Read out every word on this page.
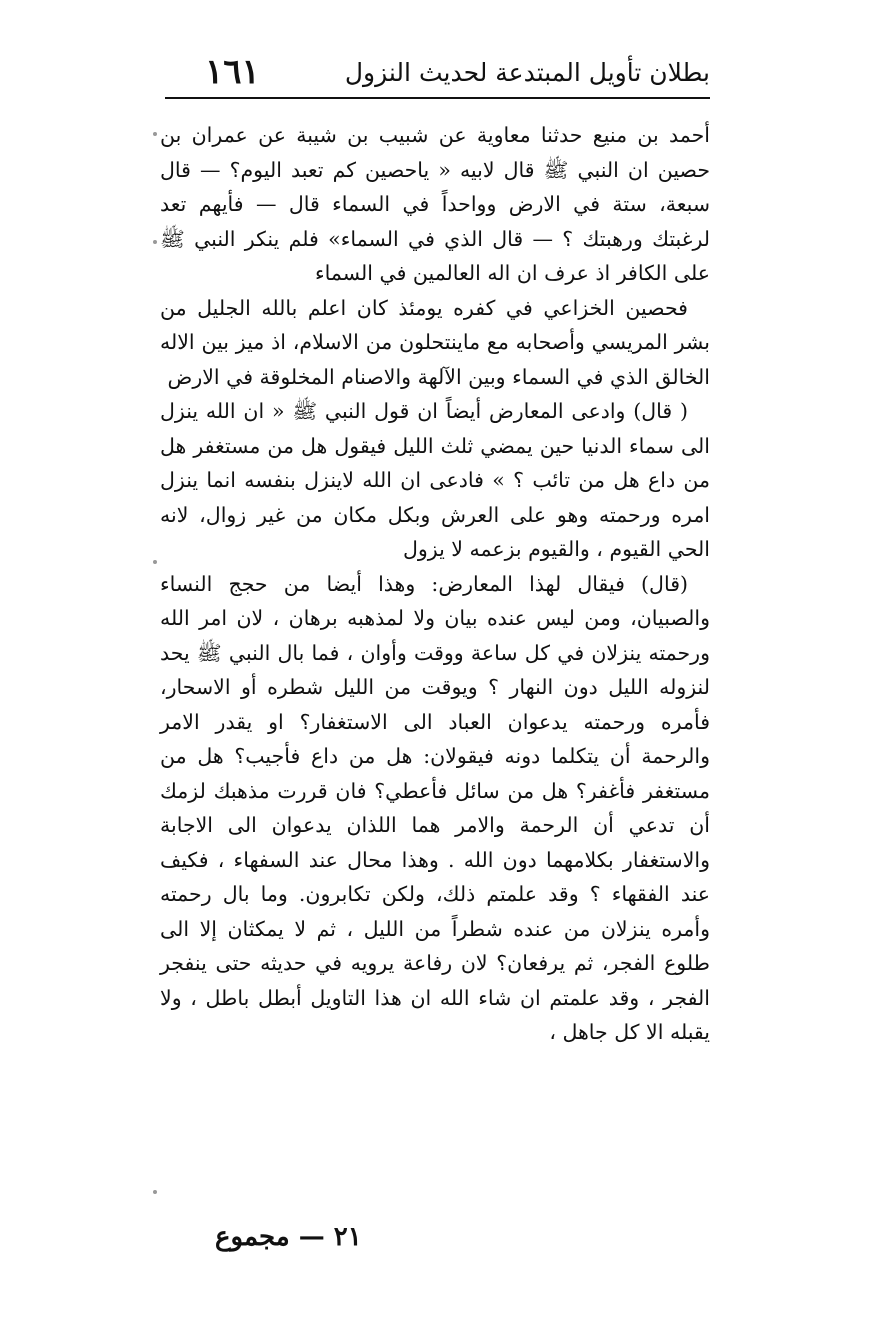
بطلان تأويل المبتدعة لحديث النزول
١٦١

أحمد بن منيع حدثنا معاوية عن شبيب بن شيبة عن عمران بن حصين ان النبي ﷺ قال لابيه « ياحصين كم تعبد اليوم؟ — قال سبعة، ستة في الارض وواحداً في السماء قال — فأيهم تعد لرغبتك ورهبتك ؟ — قال الذي في السماء» فلم ينكر النبي ﷺ على الكافر اذ عرف ان اله العالمين في السماء

فحصين الخزاعي في كفره يومئذ كان اعلم بالله الجليل من بشر المريسي وأصحابه مع ماينتحلون من الاسلام، اذ ميز بين الاله الخالق الذي في السماء وبين الآلهة والاصنام المخلوقة في الارض

( قال) وادعى المعارض أيضاً ان قول النبي ﷺ « ان الله ينزل الى سماء الدنيا حين يمضي ثلث الليل فيقول هل من مستغفر هل من داع هل من تائب ؟ » فادعى ان الله لاينزل بنفسه انما ينزل امره ورحمته وهو على العرش وبكل مكان من غير زوال، لانه الحي القيوم ، والقيوم بزعمه لا يزول

(قال) فيقال لهذا المعارض: وهذا أيضا من حجج النساء والصبيان، ومن ليس عنده بيان ولا لمذهبه برهان ، لان امر الله ورحمته ينزلان في كل ساعة ووقت وأوان ، فما بال النبي ﷺ يحد لنزوله الليل دون النهار ؟ ويوقت من الليل شطره أو الاسحار، فأمره ورحمته يدعوان العباد الى الاستغفار؟ او يقدر الامر والرحمة أن يتكلما دونه فيقولان: هل من داع فأجيب؟ هل من مستغفر فأغفر؟ هل من سائل فأعطي؟ فان قررت مذهبك لزمك أن تدعي أن الرحمة والامر هما اللذان يدعوان الى الاجابة والاستغفار بكلامهما دون الله . وهذا محال عند السفهاء ، فكيف عند الفقهاء ؟ وقد علمتم ذلك، ولكن تكابرون. وما بال رحمته وأمره ينزلان من عنده شطراً من الليل ، ثم لا يمكثان إلا الى طلوع الفجر، ثم يرفعان؟ لان رفاعة يرويه في حديثه حتى ينفجر الفجر ، وقد علمتم ان شاء الله ان هذا التاويل أبطل باطل ، ولا يقبله الا كل جاهل ،

٢١ — مجموع
